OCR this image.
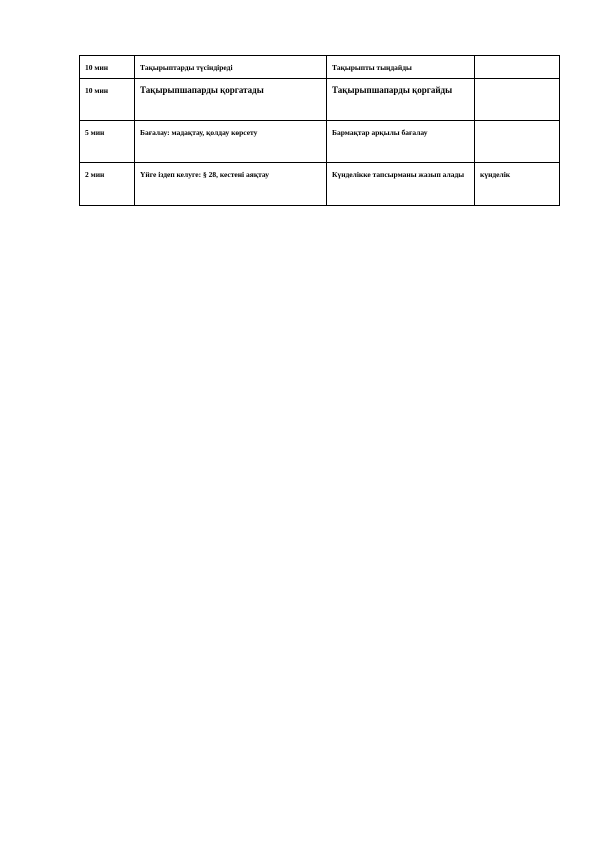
10 мин	Тақырыптарды түсіндіреді	Тақырыпты тыңдайды	
10 мин	Тақырыпшапарды қоргатады	Тақырыпшапарды қоргайды	
5 мин	Бағалау: мадақтау, қолдау көрсету	Бармақтар арқылы бағалау	
2 мин	Үйге іздеп келуге: § 28, кестені аяқтау	Күнделікке тапсырманы жазып алады	күнделік
